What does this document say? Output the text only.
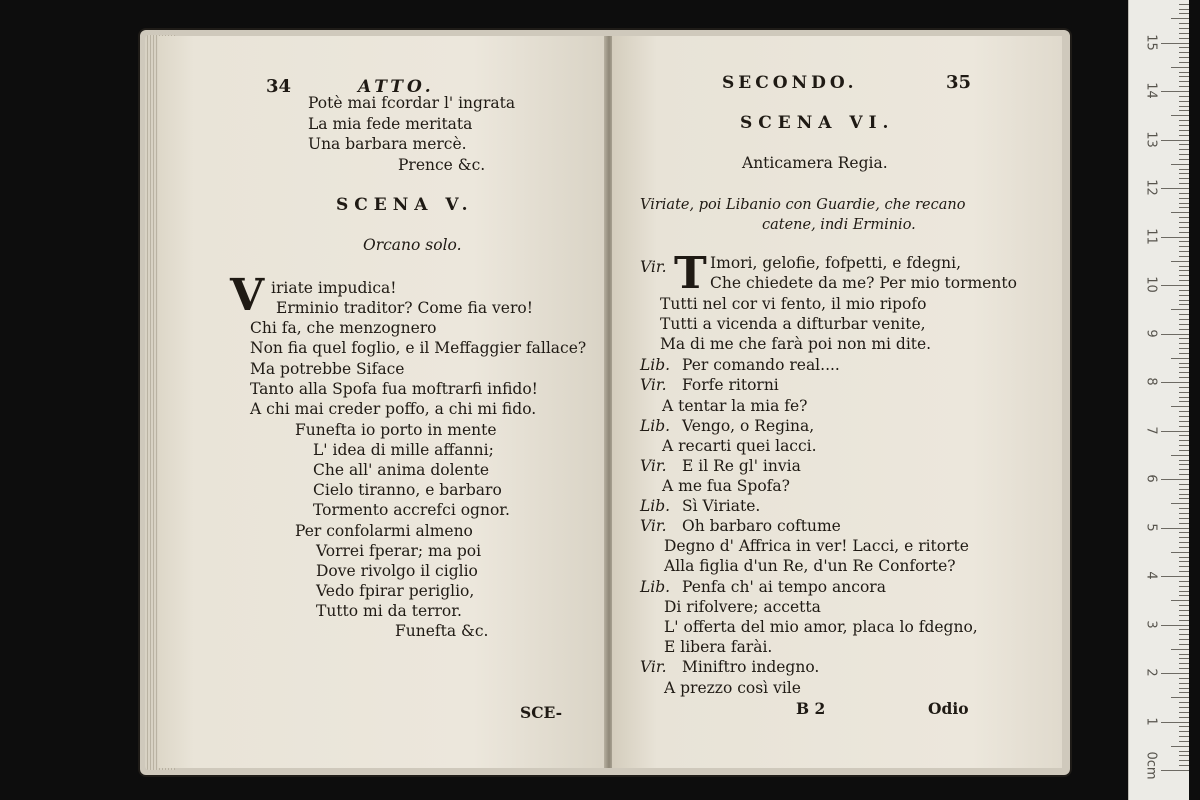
34	ATTO.
Potè mai fcordar l' ingrata
La mia fede meritata
Una barbara mercè.
Prence &c.
SCENA V.
Orcano solo.
V iriate impudica!
Erminio traditor? Come fia vero!
Chi fa, che menzognero
Non fia quel foglio, e il Meffaggier fallace?
Ma potrebbe Sifаce
Tanto alla Spofa fua moftrarfi infido!
A chi mai creder poffo, a chi mi fido.
Funefta io porto in mente
L' idea di mille affanni;
Che all' anima dolente
Cielo tiranno, e barbaro
Tormento accrefci ognor.
Per confolarmi almeno
Vorrei fperar; ma poi
Dove rivolgo il ciglio
Vedo fpirar periglio,
Tutto mi da terror.
Funefta &c.
SCE-
SECONDO.	35
SCENA VI.
Anticamera Regia.
Viriate, poi Libanio con Guardie, che recano
catene, indi Erminio.
Vir. T Imori, gelofie, fofpetti, e fdegni,
Che chiedete da me? Per mio tormento
Tutti nel cor vi fento, il mio ripofo
Tutti a vicenda a difturbar venite,
Ma di me che farà poi non mi dite.
Lib. Per comando real....
Vir. Forfe ritorni
A tentar la mia fe?
Lib. Vengo, o Regina,
A recarti quei lacci.
Vir. E il Re gl' invia
A me fua Spofa?
Lib. Sì Viriate.
Vir. Oh barbaro coftume
Degno d' Affrica in ver! Lacci, e ritorte
Alla figlia d'un Re, d'un Re Conforte?
Lib. Penfa ch' ai tempo ancora
Di rifolvere; accetta
L' offerta del mio amor, placa lo fdegno,
E libera farài.
Vir. Miniftro indegno.
A prezzo così vile
B 2	Odio
15
14
13
12
11
10
9
8
7
6
5
4
3
2
1
0cm
